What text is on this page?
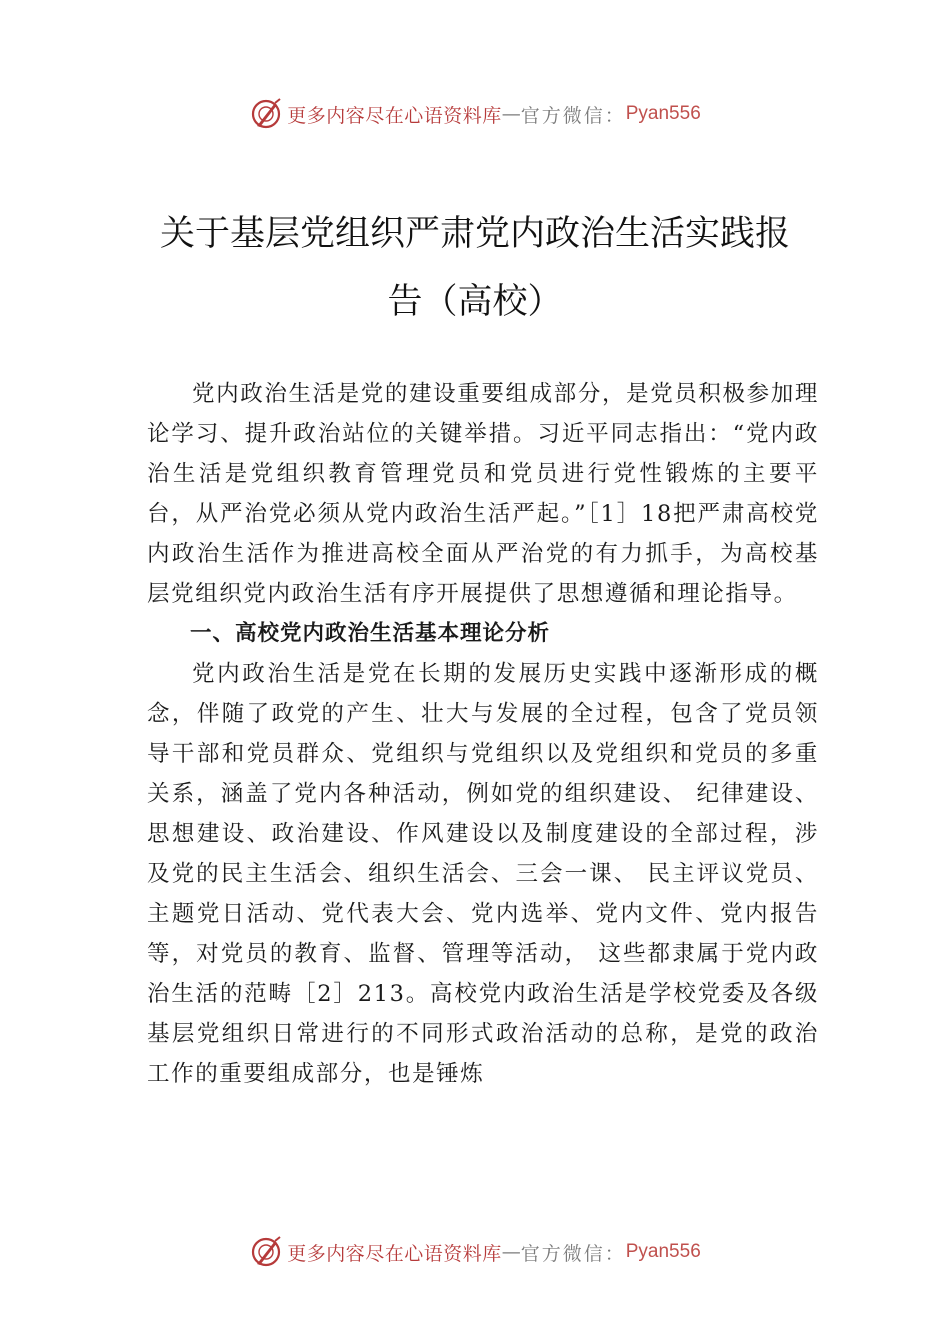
更多内容尽在心语资料库 — 官方微信： Pyan556
关于基层党组织严肃党内政治生活实践报告（高校）

党内政治生活是党的建设重要组成部分，是党员积极参加理论学习、提升政治站位的关键举措。习近平同志指出：“党内政治生活是党组织教育管理党员和党员进行党性锻炼的主要平台，从严治党必须从党内政治生活严起。”［1］18把严肃高校党内政治生活作为推进高校全面从严治党的有力抓手，为高校基层党组织党内政治生活有序开展提供了思想遵循和理论指导。

一、高校党内政治生活基本理论分析

党内政治生活是党在长期的发展历史实践中逐渐形成的概念，伴随了政党的产生、壮大与发展的全过程，包含了党员领导干部和党员群众、党组织与党组织以及党组织和党员的多重关系，涵盖了党内各种活动，例如党的组织建设、 纪律建设、思想建设、政治建设、作风建设以及制度建设的全部过程，涉及党的民主生活会、组织生活会、三会一课、 民主评议党员、主题党日活动、党代表大会、党内选举、党内文件、党内报告等，对党员的教育、监督、管理等活动， 这些都隶属于党内政治生活的范畴［2］213。高校党内政治生活是学校党委及各级基层党组织日常进行的不同形式政治活动的总称，是党的政治工作的重要组成部分，也是锤炼

更多内容尽在心语资料库 — 官方微信： Pyan556
